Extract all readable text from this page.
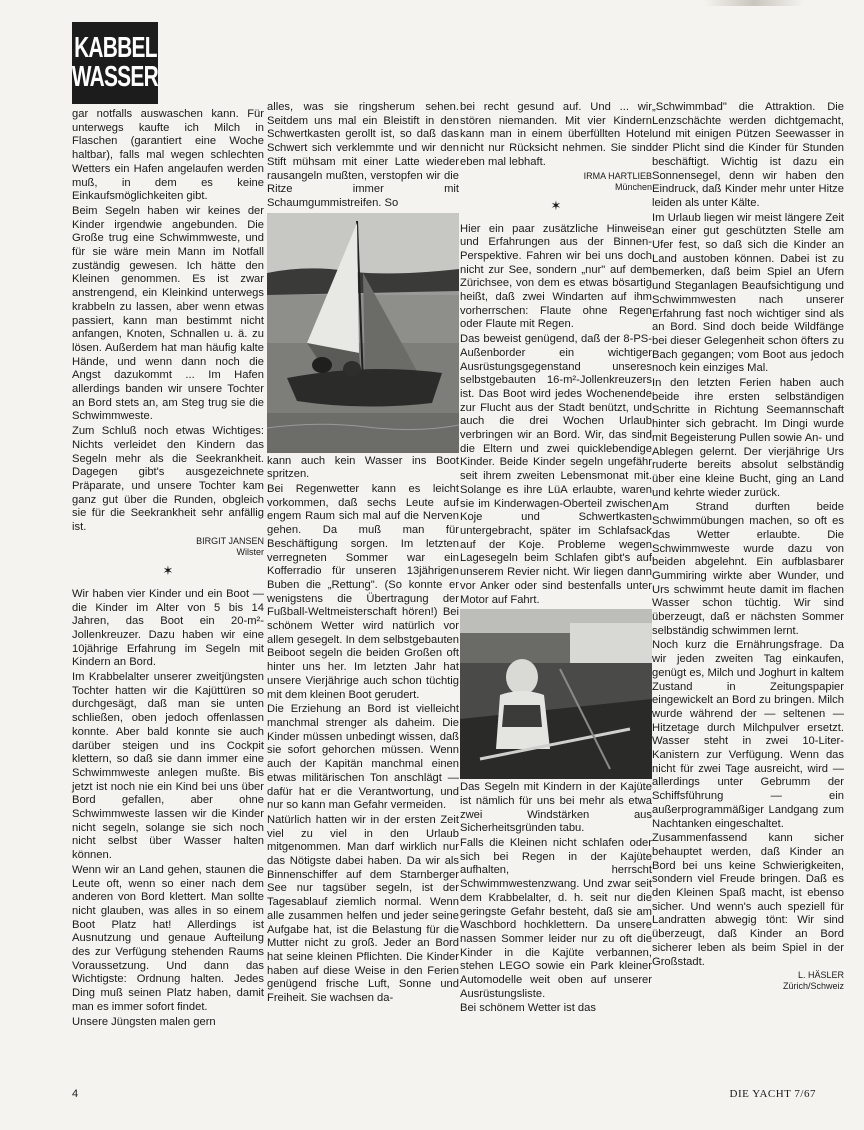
KABBEL
WASSER

gar notfalls auswaschen kann. Für unterwegs kaufte ich Milch in Flaschen (garantiert eine Woche haltbar), falls mal wegen schlechten Wetters ein Hafen angelaufen werden muß, in dem es keine Einkaufsmöglichkeiten gibt.

Beim Segeln haben wir keines der Kinder irgendwie angebunden. Die Große trug eine Schwimmweste, und für sie wäre mein Mann im Notfall zuständig gewesen. Ich hätte den Kleinen genommen. Es ist zwar anstrengend, ein Kleinkind unterwegs krabbeln zu lassen, aber wenn etwas passiert, kann man bestimmt nicht anfangen, Knoten, Schnallen u. ä. zu lösen. Außerdem hat man häufig kalte Hände, und wenn dann noch die Angst dazukommt ... Im Hafen allerdings banden wir unsere Tochter an Bord stets an, am Steg trug sie die Schwimmweste.

Zum Schluß noch etwas Wichtiges: Nichts verleidet den Kindern das Segeln mehr als die Seekrankheit. Dagegen gibt's ausgezeichnete Präparate, und unsere Tochter kam ganz gut über die Runden, obgleich sie für die Seekrankheit sehr anfällig ist.

BIRGIT JANSEN
Wilster
✶

Wir haben vier Kinder und ein Boot — die Kinder im Alter von 5 bis 14 Jahren, das Boot ein 20-m²-Jollenkreuzer. Dazu haben wir eine 10jährige Erfahrung im Segeln mit Kindern an Bord.

Im Krabbelalter unserer zweitjüngsten Tochter hatten wir die Kajüttüren so durchgesägt, daß man sie unten schließen, oben jedoch offenlassen konnte. Aber bald konnte sie auch darüber steigen und ins Cockpit klettern, so daß sie dann immer eine Schwimmweste anlegen mußte. Bis jetzt ist noch nie ein Kind bei uns über Bord gefallen, aber ohne Schwimmweste lassen wir die Kinder nicht segeln, solange sie sich noch nicht selbst über Wasser halten können.

Wenn wir an Land gehen, staunen die Leute oft, wenn so einer nach dem anderen von Bord klettert. Man sollte nicht glauben, was alles in so einem Boot Platz hat! Allerdings ist Ausnutzung und genaue Aufteilung des zur Verfügung stehenden Raums Voraussetzung. Und dann das Wichtigste: Ordnung halten. Jedes Ding muß seinen Platz haben, damit man es immer sofort findet.

Unsere Jüngsten malen gern

alles, was sie ringsherum sehen. Seitdem uns mal ein Bleistift in den Schwertkasten gerollt ist, so daß das Schwert sich verklemmte und wir den Stift mühsam mit einer Latte wieder rausangeln mußten, verstopfen wir die Ritze immer mit Schaumgummistreifen. So

kann auch kein Wasser ins Boot spritzen.

Bei Regenwetter kann es leicht vorkommen, daß sechs Leute auf engem Raum sich mal auf die Nerven gehen. Da muß man für Beschäftigung sorgen. Im letzten verregneten Sommer war ein Kofferradio für unseren 13jährigen Buben die „Rettung". (So konnte er wenigstens die Übertragung der Fußball-Weltmeisterschaft hören!) Bei schönem Wetter wird natürlich vor allem gesegelt. In dem selbstgebauten Beiboot segeln die beiden Großen oft hinter uns her. Im letzten Jahr hat unsere Vierjährige auch schon tüchtig mit dem kleinen Boot gerudert.

Die Erziehung an Bord ist vielleicht manchmal strenger als daheim. Die Kinder müssen unbedingt wissen, daß sie sofort gehorchen müssen. Wenn auch der Kapitän manchmal einen etwas militärischen Ton anschlägt — dafür hat er die Verantwortung, und nur so kann man Gefahr vermeiden.

Natürlich hatten wir in der ersten Zeit viel zu viel in den Urlaub mitgenommen. Man darf wirklich nur das Nötigste dabei haben. Da wir als Binnenschiffer auf dem Starnberger See nur tagsüber segeln, ist der Tagesablauf ziemlich normal. Wenn alle zusammen helfen und jeder seine Aufgabe hat, ist die Belastung für die Mutter nicht zu groß. Jeder an Bord hat seine kleinen Pflichten. Die Kinder haben auf diese Weise in den Ferien genügend frische Luft, Sonne und Freiheit. Sie wachsen da-

bei recht gesund auf. Und ... wir stören niemanden. Mit vier Kindern kann man in einem überfüllten Hotel nicht nur Rücksicht nehmen. Sie sind eben mal lebhaft.

IRMA HARTLIEB
München
✶

Hier ein paar zusätzliche Hinweise und Erfahrungen aus der Binnen-Perspektive. Fahren wir bei uns doch nicht zur See, sondern „nur" auf dem Zürichsee, von dem es etwas bösartig heißt, daß zwei Windarten auf ihm vorherrschen: Flaute ohne Regen oder Flaute mit Regen.

Das beweist genügend, daß der 8-PS-Außenborder ein wichtiger Ausrüstungsgegenstand unseres selbstgebauten 16-m²-Jollenkreuzers ist. Das Boot wird jedes Wochenende zur Flucht aus der Stadt benützt, und auch die drei Wochen Urlaub verbringen wir an Bord. Wir, das sind die Eltern und zwei quicklebendige Kinder. Beide Kinder segeln ungefähr seit ihrem zweiten Lebensmonat mit. Solange es ihre LüA erlaubte, waren sie im Kinderwagen-Oberteil zwischen Koje und Schwertkasten untergebracht, später im Schlafsack auf der Koje. Probleme wegen Lagesegeln beim Schlafen gibt's auf unserem Revier nicht. Wir liegen dann vor Anker oder sind bestenfalls unter Motor auf Fahrt.

Das Segeln mit Kindern in der Kajüte ist nämlich für uns bei mehr als etwa zwei Windstärken aus Sicherheitsgründen tabu.

Falls die Kleinen nicht schlafen oder sich bei Regen in der Kajüte aufhalten, herrscht Schwimmwestenzwang. Und zwar seit dem Krabbelalter, d. h. seit nur die geringste Gefahr besteht, daß sie am Waschbord hochklettern. Da unsere nassen Sommer leider nur zu oft die Kinder in die Kajüte verbannen, stehen LEGO sowie ein Park kleiner Automodelle weit oben auf unserer Ausrüstungsliste.

Bei schönem Wetter ist das

„Schwimmbad" die Attraktion. Die Lenzschächte werden dichtgemacht, und mit einigen Pützen Seewasser in der Plicht sind die Kinder für Stunden beschäftigt. Wichtig ist dazu ein Sonnensegel, denn wir haben den Eindruck, daß Kinder mehr unter Hitze leiden als unter Kälte.

Im Urlaub liegen wir meist längere Zeit an einer gut geschützten Stelle am Ufer fest, so daß sich die Kinder an Land austoben können. Dabei ist zu bemerken, daß beim Spiel an Ufern und Steganlagen Beaufsichtigung und Schwimmwesten nach unserer Erfahrung fast noch wichtiger sind als an Bord. Sind doch beide Wildfänge bei dieser Gelegenheit schon öfters zu Bach gegangen; vom Boot aus jedoch noch kein einziges Mal.

In den letzten Ferien haben auch beide ihre ersten selbständigen Schritte in Richtung Seemannschaft hinter sich gebracht. Im Dingi wurde mit Begeisterung Pullen sowie An- und Ablegen gelernt. Der vierjährige Urs ruderte bereits absolut selbständig über eine kleine Bucht, ging an Land und kehrte wieder zurück.

Am Strand durften beide Schwimmübungen machen, so oft es das Wetter erlaubte. Die Schwimmweste wurde dazu von beiden abgelehnt. Ein aufblasbarer Gummiring wirkte aber Wunder, und Urs schwimmt heute damit im flachen Wasser schon tüchtig. Wir sind überzeugt, daß er nächsten Sommer selbständig schwimmen lernt.

Noch kurz die Ernährungsfrage. Da wir jeden zweiten Tag einkaufen, genügt es, Milch und Joghurt in kaltem Zustand in Zeitungspapier eingewickelt an Bord zu bringen. Milch wurde während der — seltenen — Hitzetage durch Milchpulver ersetzt. Wasser steht in zwei 10-Liter-Kanistern zur Verfügung. Wenn das nicht für zwei Tage ausreicht, wird — allerdings unter Gebrumm der Schiffsführung — ein außerprogrammäßiger Landgang zum Nachtanken eingeschaltet.

Zusammenfassend kann sicher behauptet werden, daß Kinder an Bord bei uns keine Schwierigkeiten, sondern viel Freude bringen. Daß es den Kleinen Spaß macht, ist ebenso sicher. Und wenn's auch speziell für Landratten abwegig tönt: Wir sind überzeugt, daß Kinder an Bord sicherer leben als beim Spiel in der Großstadt.

L. HÄSLER
Zürich/Schweiz
4	DIE YACHT 7/67
